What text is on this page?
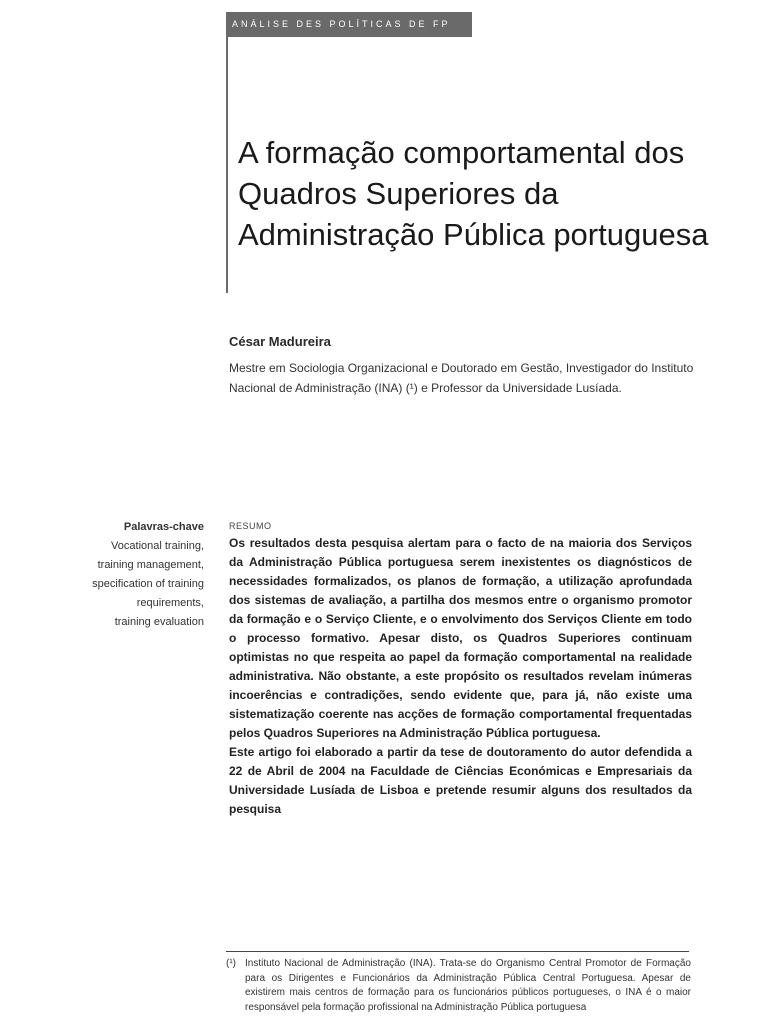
ANÁLISE DES POLÍTICAS DE FP
A formação comportamental dos Quadros Superiores da Administração Pública portuguesa

César Madureira

Mestre em Sociologia Organizacional e Doutorado em Gestão, Investigador do Instituto Nacional de Administração (INA) (¹) e Professor da Universidade Lusíada.

Palavras-chave
Vocational training,
training management,
specification of training
requirements,
training evaluation

RESUMO

Os resultados desta pesquisa alertam para o facto de na maioria dos Serviços da Administração Pública portuguesa serem inexistentes os diagnósticos de necessidades formalizados, os planos de formação, a utilização aprofundada dos sistemas de avaliação, a partilha dos mesmos entre o organismo promotor da formação e o Serviço Cliente, e o envolvimento dos Serviços Cliente em todo o processo formativo. Apesar disto, os Quadros Superiores continuam optimistas no que respeita ao papel da formação comportamental na realidade administrativa. Não obstante, a este propósito os resultados revelam inúmeras incoerências e contradições, sendo evidente que, para já, não existe uma sistematização coerente nas acções de formação comportamental frequentadas pelos Quadros Superiores na Administração Pública portuguesa.

Este artigo foi elaborado a partir da tese de doutoramento do autor defendida a 22 de Abril de 2004 na Faculdade de Ciências Económicas e Empresariais da Universidade Lusíada de Lisboa e pretende resumir alguns dos resultados da pesquisa

(¹) Instituto Nacional de Administração (INA). Trata-se do Organismo Central Promotor de Formação para os Dirigentes e Funcionários da Administração Pública Central Portuguesa. Apesar de existirem mais centros de formação para os funcionários públicos portugueses, o INA é o maior responsável pela formação profissional na Administração Pública portuguesa
